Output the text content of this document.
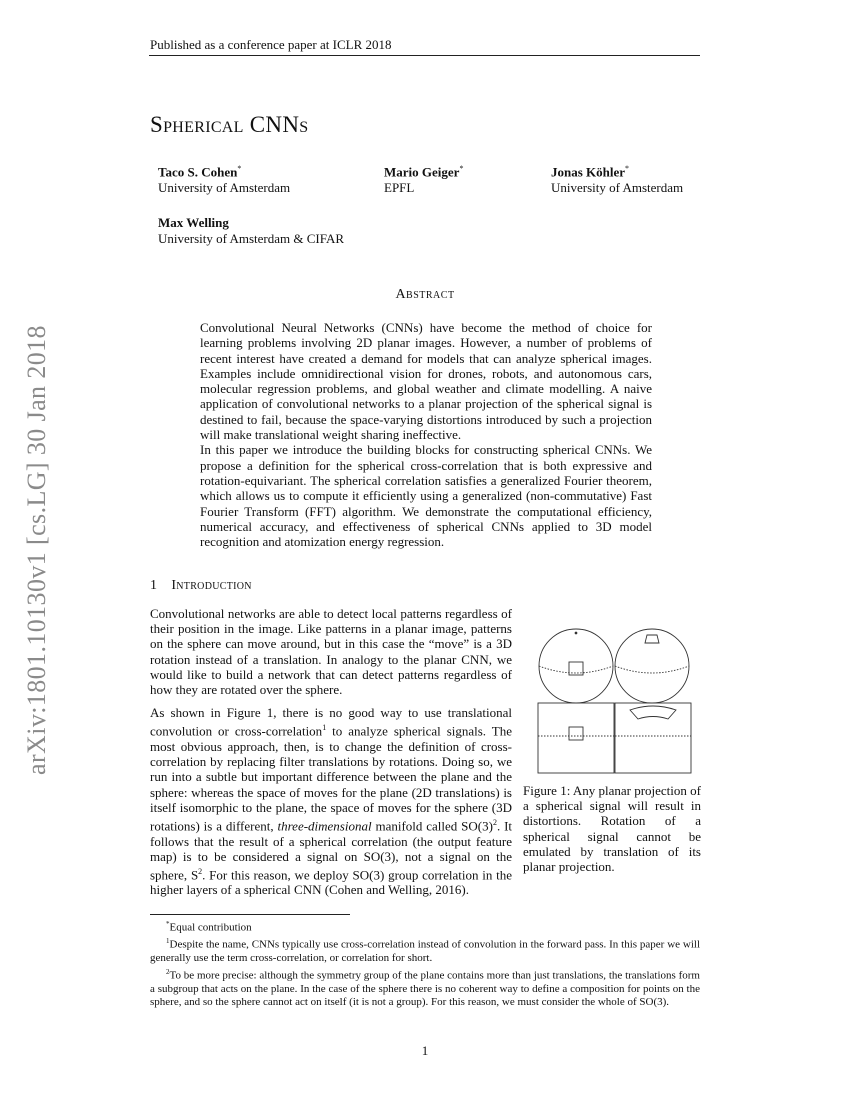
Published as a conference paper at ICLR 2018
Spherical CNNs
Taco S. Cohen*
University of Amsterdam
Mario Geiger*
EPFL
Jonas Köhler*
University of Amsterdam
Max Welling
University of Amsterdam & CIFAR
arXiv:1801.10130v1 [cs.LG] 30 Jan 2018
Abstract

Convolutional Neural Networks (CNNs) have become the method of choice for learning problems involving 2D planar images. However, a number of problems of recent interest have created a demand for models that can analyze spherical images. Examples include omnidirectional vision for drones, robots, and autonomous cars, molecular regression problems, and global weather and climate modelling. A naive application of convolutional networks to a planar projection of the spherical signal is destined to fail, because the space-varying distortions introduced by such a projection will make translational weight sharing ineffective.

In this paper we introduce the building blocks for constructing spherical CNNs. We propose a definition for the spherical cross-correlation that is both expressive and rotation-equivariant. The spherical correlation satisfies a generalized Fourier theorem, which allows us to compute it efficiently using a generalized (non-commutative) Fast Fourier Transform (FFT) algorithm. We demonstrate the computational efficiency, numerical accuracy, and effectiveness of spherical CNNs applied to 3D model recognition and atomization energy regression.

1 Introduction

Convolutional networks are able to detect local patterns regardless of their position in the image. Like patterns in a planar image, patterns on the sphere can move around, but in this case the “move” is a 3D rotation instead of a translation. In analogy to the planar CNN, we would like to build a network that can detect patterns regardless of how they are rotated over the sphere.

As shown in Figure 1, there is no good way to use translational convolution or cross-correlation$^1$ to analyze spherical signals. The most obvious approach, then, is to change the definition of cross-correlation by replacing filter translations by rotations. Doing so, we run into a subtle but important difference between the plane and the sphere: whereas the space of moves for the plane (2D translations) is itself isomorphic to the plane, the space of moves for the sphere (3D rotations) is a different, three-dimensional manifold called $SO(3)^2$. It follows that the result of a spherical correlation (the output feature map) is to be considered a signal on SO(3), not a signal on the sphere, $S^2$. For this reason, we deploy SO(3) group correlation in the higher layers of a spherical CNN (Cohen and Welling, 2016).

Figure 1: Any planar projection of a spherical signal will result in distortions. Rotation of a spherical signal cannot be emulated by translation of its planar projection.

*Equal contribution

$^1$Despite the name, CNNs typically use cross-correlation instead of convolution in the forward pass. In this paper we will generally use the term cross-correlation, or correlation for short.

$^2$To be more precise: although the symmetry group of the plane contains more than just translations, the translations form a subgroup that acts on the plane. In the case of the sphere there is no coherent way to define a composition for points on the sphere, and so the sphere cannot act on itself (it is not a group). For this reason, we must consider the whole of SO(3).

1
